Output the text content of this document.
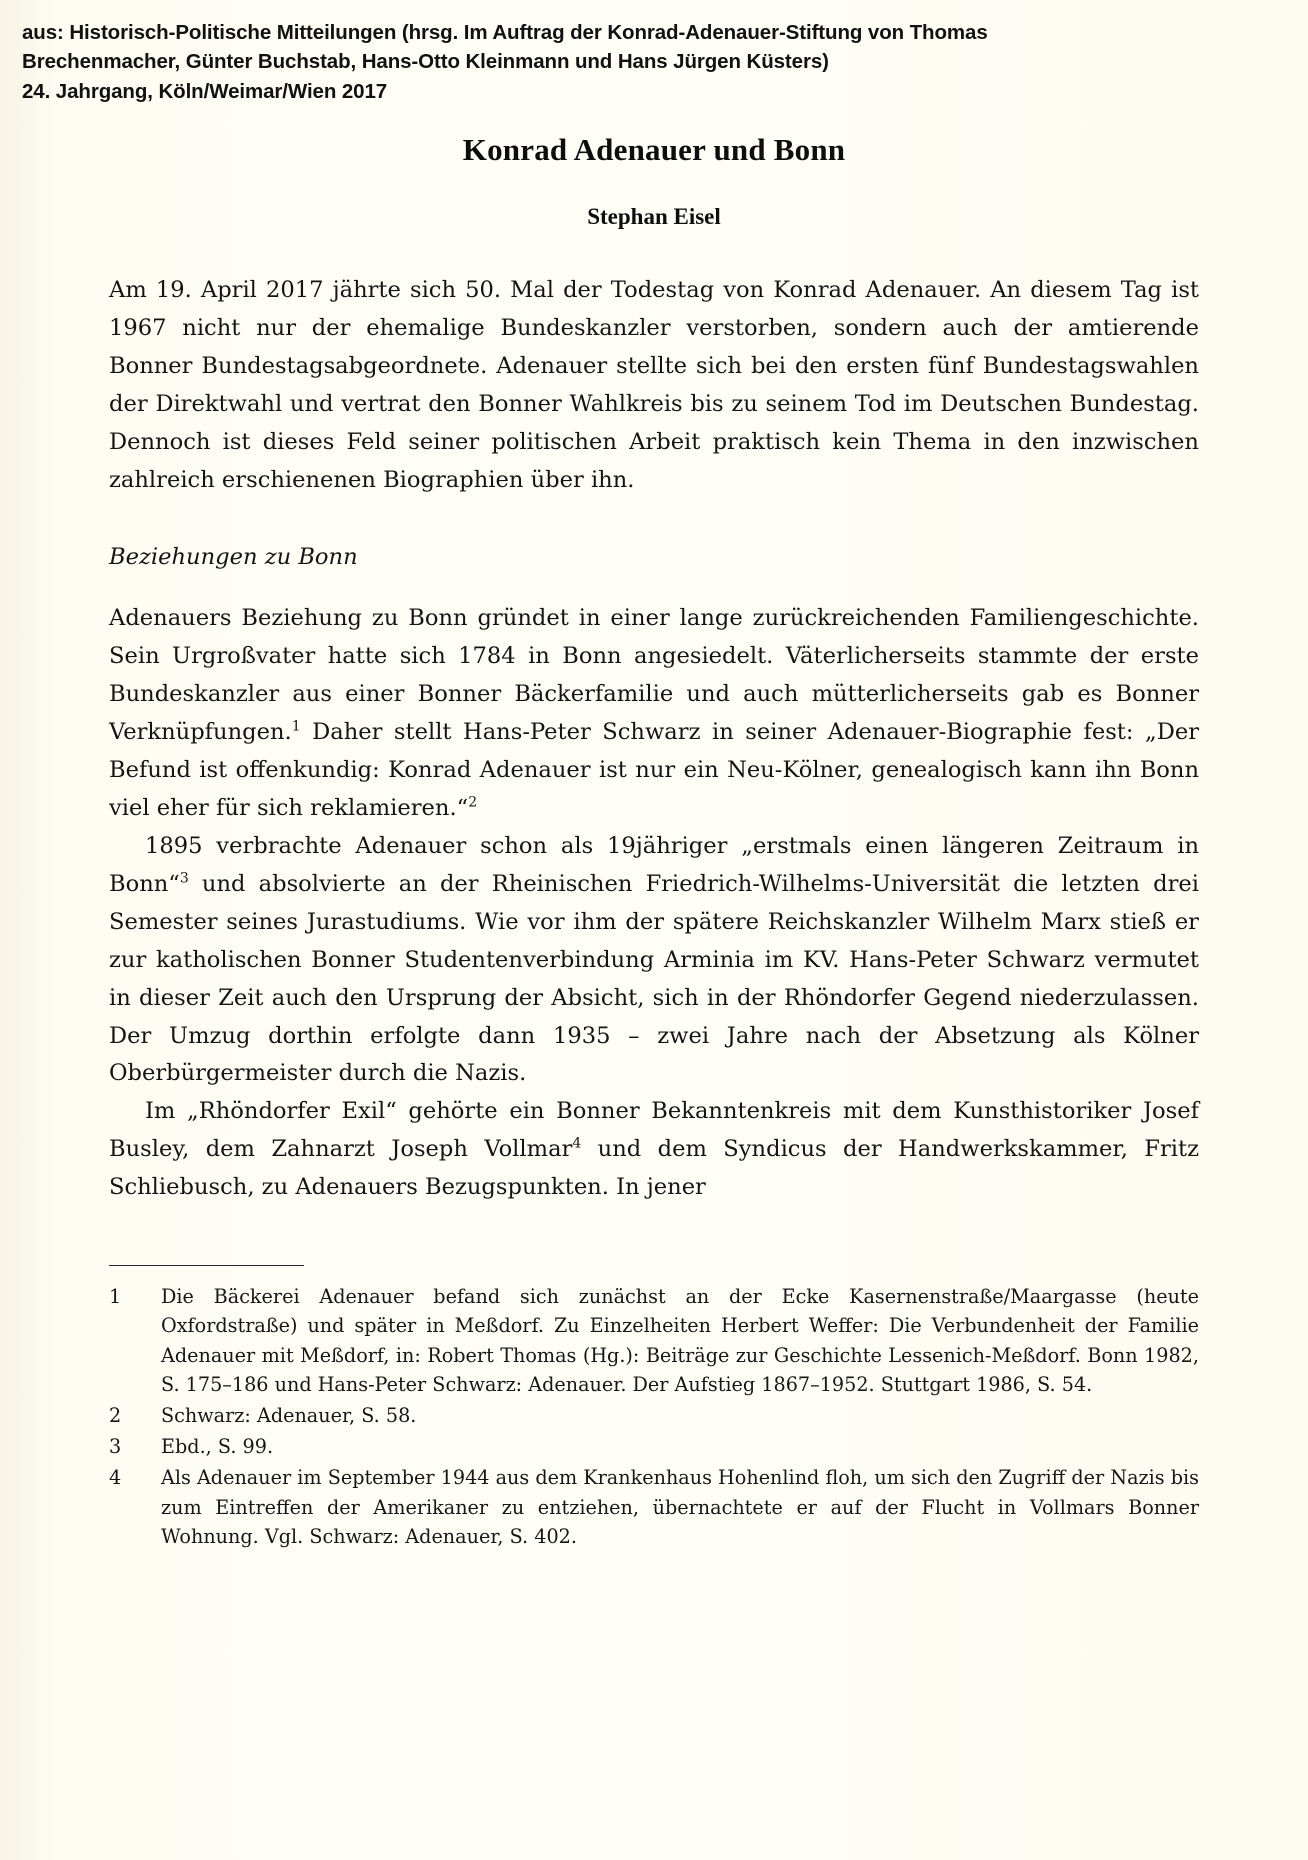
aus: Historisch-Politische Mitteilungen (hrsg. Im Auftrag der Konrad-Adenauer-Stiftung von Thomas
Brechenmacher, Günter Buchstab, Hans-Otto Kleinmann und Hans Jürgen Küsters)
24. Jahrgang, Köln/Weimar/Wien 2017
Konrad Adenauer und Bonn
Stephan Eisel

Am 19. April 2017 jährte sich 50. Mal der Todestag von Konrad Adenauer. An diesem Tag ist 1967 nicht nur der ehemalige Bundeskanzler verstorben, sondern auch der amtierende Bonner Bundestagsabgeordnete. Adenauer stellte sich bei den ersten fünf Bundestagswahlen der Direktwahl und vertrat den Bonner Wahlkreis bis zu seinem Tod im Deutschen Bundestag. Dennoch ist dieses Feld seiner politischen Arbeit praktisch kein Thema in den inzwischen zahlreich erschienenen Biographien über ihn.

Beziehungen zu Bonn

Adenauers Beziehung zu Bonn gründet in einer lange zurückreichenden Familiengeschichte. Sein Urgroßvater hatte sich 1784 in Bonn angesiedelt. Väterlicherseits stammte der erste Bundeskanzler aus einer Bonner Bäckerfamilie und auch mütterlicherseits gab es Bonner Verknüpfungen.$^1$ Daher stellt Hans-Peter Schwarz in seiner Adenauer-Biographie fest: „Der Befund ist offenkundig: Konrad Adenauer ist nur ein Neu-Kölner, genealogisch kann ihn Bonn viel eher für sich reklamieren.“$^2$

1895 verbrachte Adenauer schon als 19jähriger „erstmals einen längeren Zeitraum in Bonn“$^3$ und absolvierte an der Rheinischen Friedrich-Wilhelms-Universität die letzten drei Semester seines Jurastudiums. Wie vor ihm der spätere Reichskanzler Wilhelm Marx stieß er zur katholischen Bonner Studentenverbindung Arminia im KV. Hans-Peter Schwarz vermutet in dieser Zeit auch den Ursprung der Absicht, sich in der Rhöndorfer Gegend niederzulassen. Der Umzug dorthin erfolgte dann 1935 – zwei Jahre nach der Absetzung als Kölner Oberbürgermeister durch die Nazis.

Im „Rhöndorfer Exil“ gehörte ein Bonner Bekanntenkreis mit dem Kunsthistoriker Josef Busley, dem Zahnarzt Joseph Vollmar$^4$ und dem Syndicus der Handwerkskammer, Fritz Schliebusch, zu Adenauers Bezugspunkten. In jener

1	Die Bäckerei Adenauer befand sich zunächst an der Ecke Kasernenstraße/Maargasse (heute Oxfordstraße) und später in Meßdorf. Zu Einzelheiten Herbert Weffer: Die Verbundenheit der Familie Adenauer mit Meßdorf, in: Robert Thomas (Hg.): Beiträge zur Geschichte Lessenich-Meßdorf. Bonn 1982, S. 175–186 und Hans-Peter Schwarz: Adenauer. Der Aufstieg 1867–1952. Stuttgart 1986, S. 54.
2	Schwarz: Adenauer, S. 58.
3	Ebd., S. 99.
4	Als Adenauer im September 1944 aus dem Krankenhaus Hohenlind floh, um sich den Zugriff der Nazis bis zum Eintreffen der Amerikaner zu entziehen, übernachtete er auf der Flucht in Vollmars Bonner Wohnung. Vgl. Schwarz: Adenauer, S. 402.
